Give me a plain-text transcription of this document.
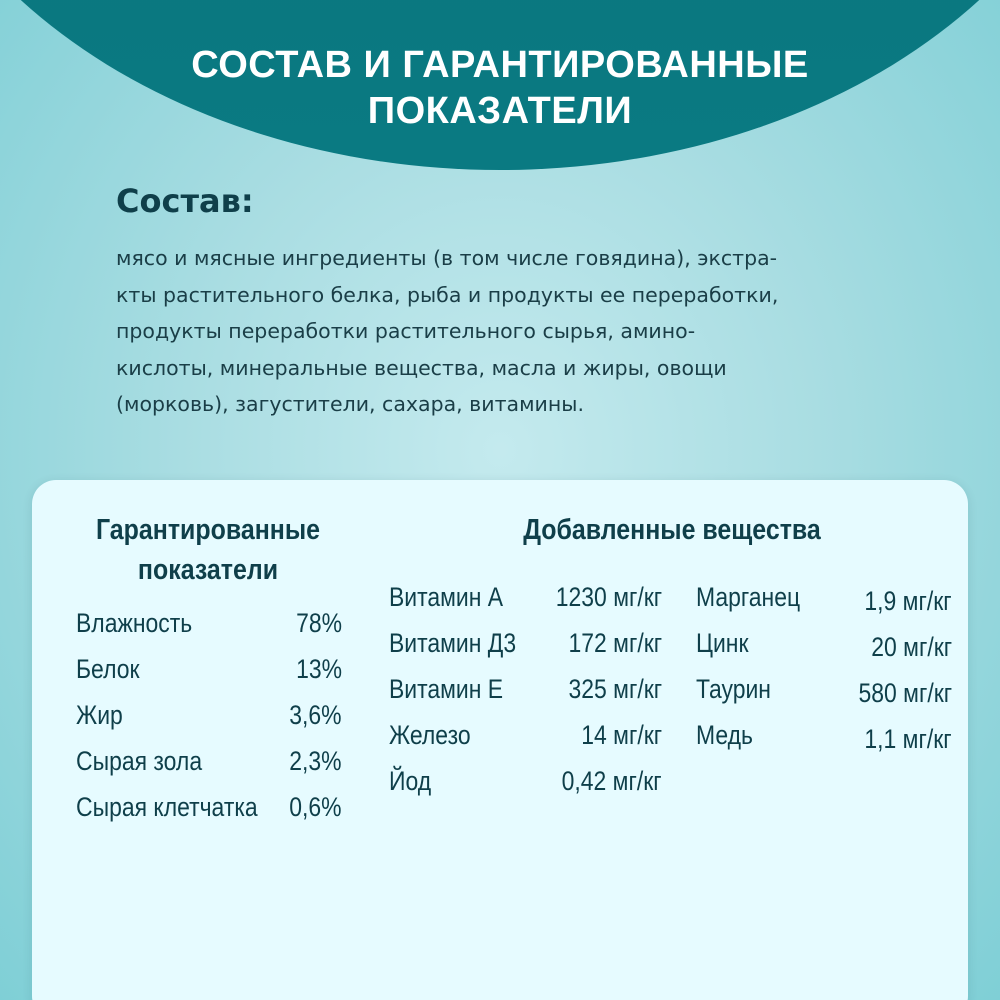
СОСТАВ И ГАРАНТИРОВАННЫЕ
ПОКАЗАТЕЛИ
Состав:

мясо и мясные ингредиенты (в том числе говядина), экстра-
кты растительного белка, рыба и продукты ее переработки,
продукты переработки растительного сырья, амино-
кислоты, минеральные вещества, масла и жиры, овощи
(морковь), загустители, сахара, витамины.

Гарантированные
показатели
Влажность	78%
Белок	13%
Жир	3,6%
Сырая зола	2,3%
Сырая клетчатка 0,6%
Добавленные вещества
Витамин А 1230 мг/кг
Витамин Д3 172 мг/кг
Витамин Е 325 мг/кг
Железо	14 мг/кг
Йод	0,42 мг/кг
Марганец 1,9 мг/кг
Цинк	20 мг/кг
Таурин	580 мг/кг
Медь	1,1 мг/кг
